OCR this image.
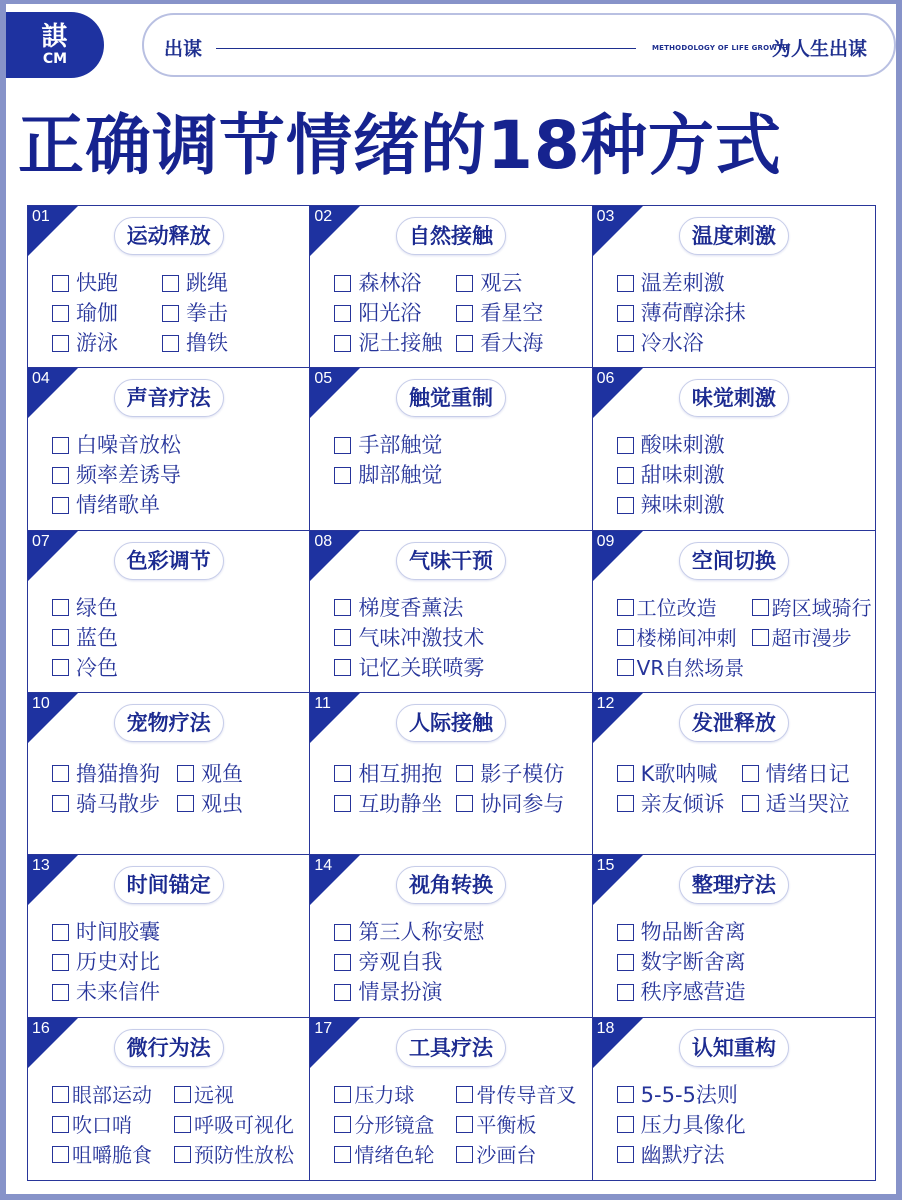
諆
CM	出谋	METHODOLOGY OF LIFE GROWTH
为人生出谋
正确调节情绪的18种方式
01
运动释放
快跑	跳绳
瑜伽	拳击
游泳	撸铁
02
自然接触
森林浴	观云
阳光浴	看星空
泥土接触 看大海
03
温度刺激
温差刺激
薄荷醇涂抹
冷水浴
04
声音疗法
白噪音放松
频率差诱导
情绪歌单
05
触觉重制
手部触觉
脚部触觉
06
味觉刺激
酸味刺激
甜味刺激
辣味刺激
07
色彩调节
绿色
蓝色
冷色
08
气味干预
梯度香薰法
气味冲激技术
记忆关联喷雾
09
空间切换
工位改造	跨区域骑行
楼梯间冲刺 超市漫步
VR自然场景
10
宠物疗法
撸猫撸狗 观鱼
骑马散步 观虫
11
人际接触
相互拥抱 影子模仿
互助静坐 协同参与
12
发泄释放
K歌呐喊 情绪日记
亲友倾诉 适当哭泣
13
时间锚定
时间胶囊
历史对比
未来信件
14
视角转换
第三人称安慰
旁观自我
情景扮演
15
整理疗法
物品断舍离
数字断舍离
秩序感营造
16
微行为法
眼部运动 远视
吹口哨	呼吸可视化
咀嚼脆食 预防性放松
17
工具疗法
压力球	骨传导音叉
分形镜盒 平衡板
情绪色轮 沙画台
18
认知重构
5-5-5法则
压力具像化
幽默疗法
